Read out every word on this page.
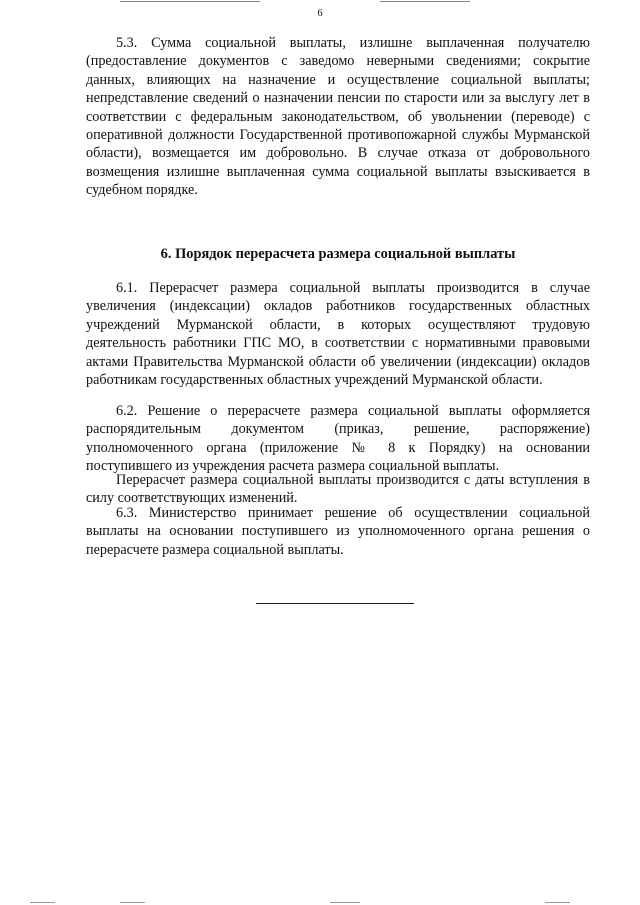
6

5.3. Сумма социальной выплаты, излишне выплаченная получателю (предоставление документов с заведомо неверными сведениями; сокрытие данных, влияющих на назначение и осуществление социальной выплаты; непредставление сведений о назначении пенсии по старости или за выслугу лет в соответствии с федеральным законодательством, об увольнении (переводе) с оперативной должности Государственной противопожарной службы Мурманской области), возмещается им добровольно. В случае отказа от добровольного возмещения излишне выплаченная сумма социальной выплаты взыскивается в судебном порядке.

6. Порядок перерасчета размера социальной выплаты

6.1. Перерасчет размера социальной выплаты производится в случае увеличения (индексации) окладов работников государственных областных учреждений Мурманской области, в которых осуществляют трудовую деятельность работники ГПС МО, в соответствии с нормативными правовыми актами Правительства Мурманской области об увеличении (индексации) окладов работникам государственных областных учреждений Мурманской области.

6.2. Решение о перерасчете размера социальной выплаты оформляется распорядительным документом (приказ, решение, распоряжение) уполномоченного органа (приложение № 8 к Порядку) на основании поступившего из учреждения расчета размера социальной выплаты.

Перерасчет размера социальной выплаты производится с даты вступления в силу соответствующих изменений.

6.3. Министерство принимает решение об осуществлении социальной выплаты на основании поступившего из уполномоченного органа решения о перерасчете размера социальной выплаты.
